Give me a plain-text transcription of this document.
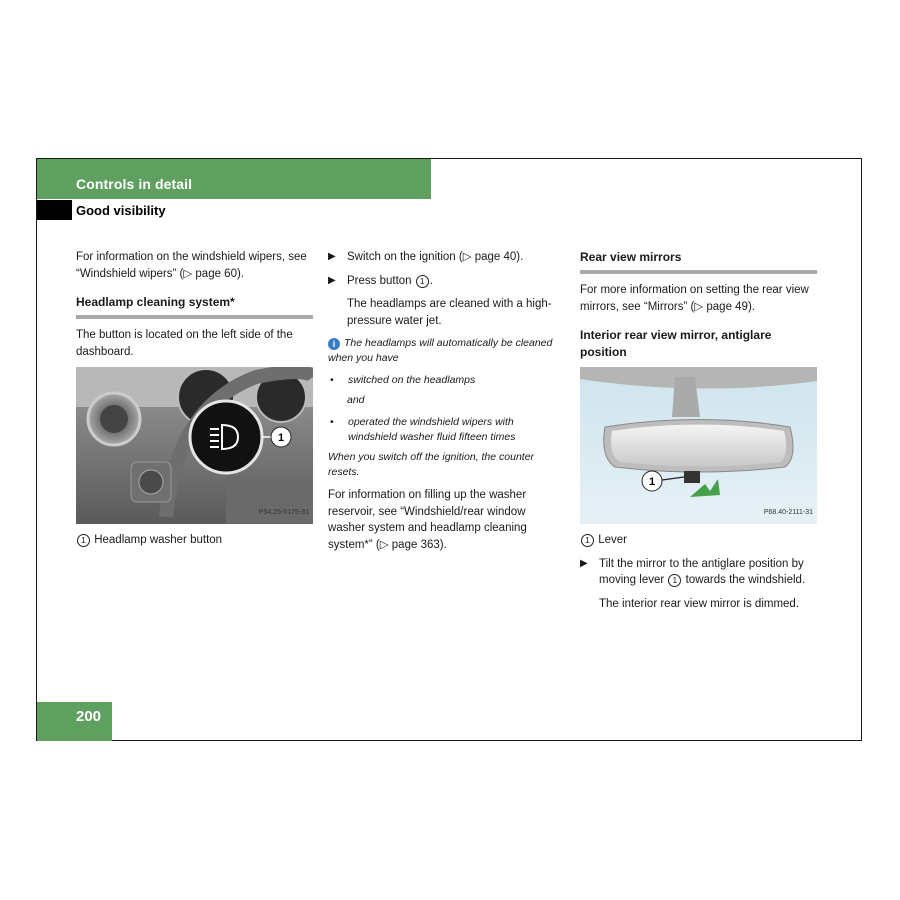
Controls in detail
Good visibility

For information on the windshield wipers, see “Windshield wipers” (▷ page 60).

Headlamp cleaning system*

The button is located on the left side of the dashboard.

1
P54.25-5175-31

1 Headlamp washer button

▶ Switch on the ignition (▷ page 40).
▶ Press button 1 .

The headlamps are cleaned with a high-pressure water jet.

i The headlamps will automatically be cleaned when you have

• switched on the headlamps

and

• operated the windshield wipers with windshield washer fluid fifteen times

When you switch off the ignition, the counter resets.

For information on filling up the washer reservoir, see “Windshield/rear window washer system and headlamp cleaning system*” (▷ page 363).

Rear view mirrors

For more information on setting the rear view mirrors, see “Mirrors” (▷ page 49).

Interior rear view mirror, antiglare position
1
P68.40-2111-31

1 Lever

▶ Tilt the mirror to the antiglare position by moving lever 1 towards the windshield.

The interior rear view mirror is dimmed.

200
